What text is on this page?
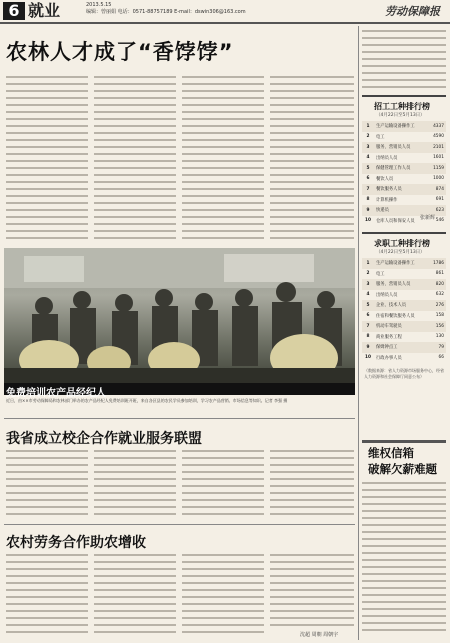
6 就业	2013.5.15
编辑：曾丽娟 电话：0571-88757189 E-mail：dswin306@163.com	劳动保障报
农林人才成了“香饽饽”
免费培训农产品经纪人
近日，由××市劳动保障局和农林部门举办的农产品经纪人免费培训班开班，来自各区县的农民学员参加培训，学习农产品营销、市场信息等知识。记者 李强 摄
我省成立校企合作就业服务联盟
农村劳务合作助农增收
沈超 周朝 周朝宇
招工工种排行榜
（4月22日至5月13日）
1	生产运输设备操作工	4337
2	电工	4590
3	服务、营销员人员	2101
4	出纳员人员	1601
5	保健管理工作人员	1159
6	餐饮人员	1000
7	餐饮服务人员	874
8	计算机操作	691
9	快递员	623
10	仓库人员和保安人员	546
求职工种排行榜
（4月22日至5月13日）
1	生产运输设备操作工	1786
2	电工	861
3	服务、营销员人员	820
4	出纳员人员	632
5	企业、技术人员	276
6	住宿和餐饮服务人员	158
7	机动车驾驶员	156
8	商业服务工程	130
9	保姆钟点工	79
10	行政办事人员	66
（数据来源：省人力资源市场服务中心，经省人力资源和社会保障厅同意公布）
维权信箱
破解欠薪难题
张新辉
